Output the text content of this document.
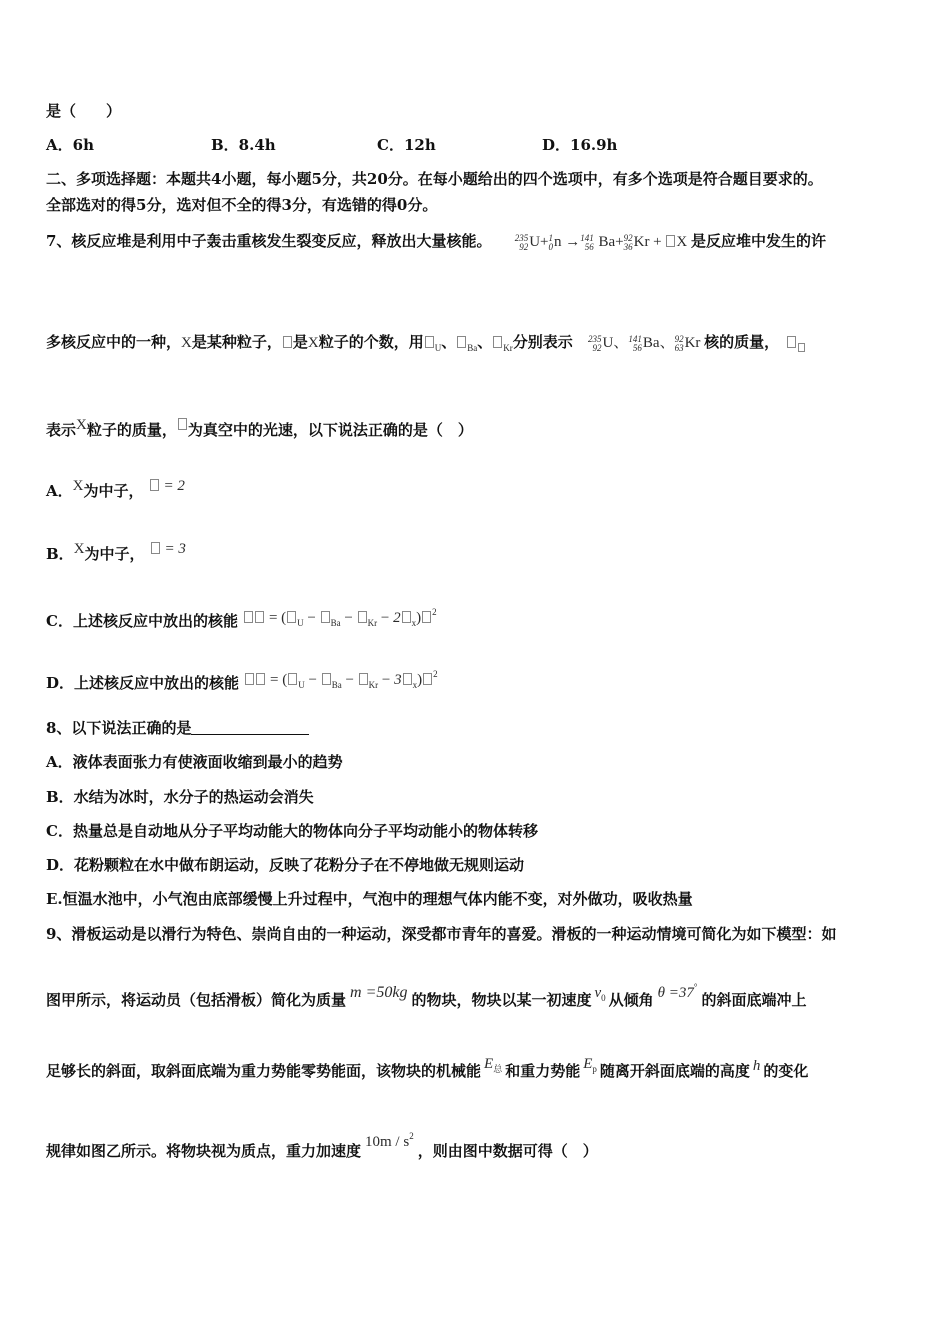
是（　　）
A．6h	B．8.4h	C．12h	D．16.9h
二、多项选择题：本题共4小题，每小题5分，共20分。在每小题给出的四个选项中，有多个选项是符合题目要求的。
全部选对的得5分，选对但不全的得3分，有选错的得0分。
7、核反应堆是利用中子轰击重核发生裂变反应，释放出大量核能。	235
92U+1
0n →141
56 Ba+92
36Kr + X 是反应堆中发生的许
多核反应中的一种，X是某种粒子， 是X粒子的个数，用 $_U$、 $_{Ba}$、 $_{Kr}$分别表示 235
92U、141
56Ba、92
63Kr 核的质量，
表示X粒子的质量， 为真空中的光速，以下说法正确的是（　）
A．X为中子， = 2
B．X为中子， = 3
C．上述核反应中放出的核能 = ( $_U$ − $_{Ba}$ − $_{Kr}$ − 2 $_x$) $^2$
D．上述核反应中放出的核能 = ( $_U$ − $_{Ba}$ − $_{Kr}$ − 3 $_x$) $^2$
8、以下说法正确的是
A．液体表面张力有使液面收缩到最小的趋势
B．水结为冰时，水分子的热运动会消失
C．热量总是自动地从分子平均动能大的物体向分子平均动能小的物体转移
D．花粉颗粒在水中做布朗运动，反映了花粉分子在不停地做无规则运动
E.恒温水池中，小气泡由底部缓慢上升过程中，气泡中的理想气体内能不变，对外做功，吸收热量
9、滑板运动是以滑行为特色、崇尚自由的一种运动，深受都市青年的喜爱。滑板的一种运动情境可简化为如下模型：如
图甲所示，将运动员（包括滑板）简化为质量 m =50kg 的物块，物块以某一初速度 $v_0$ 从倾角 θ =37°的斜面底端冲上
足够长的斜面，取斜面底端为重力势能零势能面，该物块的机械能 $E_总$ 和重力势能 $E_p$ 随离开斜面底端的高度 h 的变化
规律如图乙所示。将物块视为质点，重力加速度 $10m / s^2$，则由图中数据可得（　）
